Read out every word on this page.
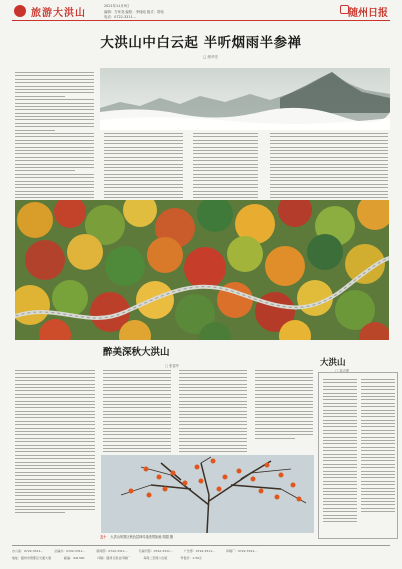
旅游大洪山
2021年11月9日
编辑：方家尧 编校：李纯纯 版式：胡伟
电话：0722-3311...	随州日报
大洪山中白云起 半听烟雨半参禅
□ 颜华宏
醉美深秋大洪山
□ 张春华
五十 大洪山风景区秋色层林尽染美景如画 胡超 摄
大洪山
□ 刘志强
办公室：0722-3311...	总编办：0722-3311...	新闻部：0722-3311...	专副刊部：0722-3311...	广告部：0722-3311...	印刷厂：0722-3311...
地址：随州市曾都区交通大道	邮编：441300	印刷：随州日报社印刷厂	每周二至周六出版	零售价：1.50元
